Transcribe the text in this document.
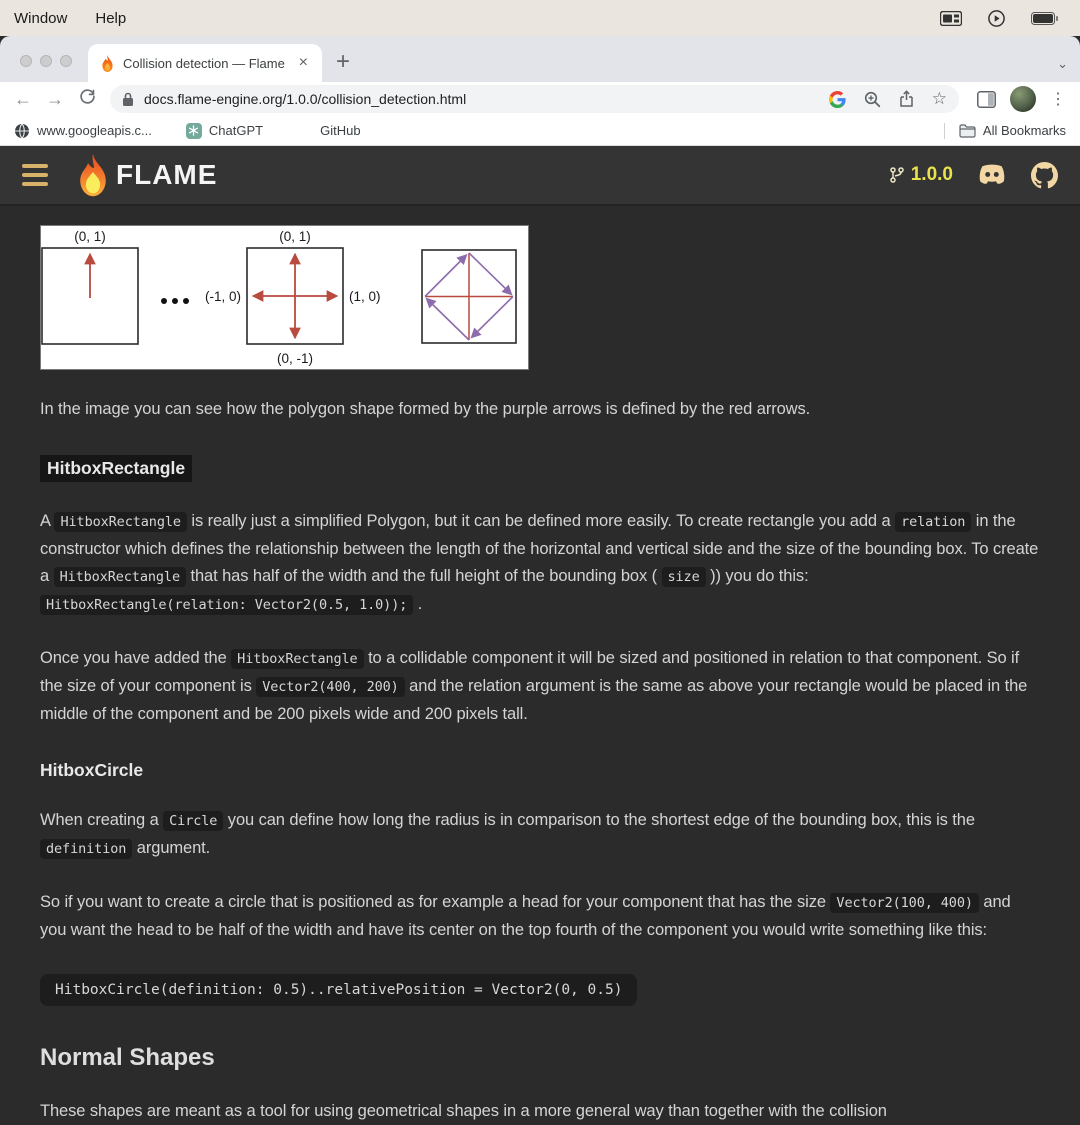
Window Help
Collision detection — Flame × +	⌄
← →	docs.flame-engine.org/1.0.0/collision_detection.html	☆	⋮
www.googleapis.c...	ChatGPT	GitHub	All Bookmarks
FLAME	1.0.0
(0, 1)	(0, 1)
(-1, 0)	(1, 0)
(0, -1)

In the image you can see how the polygon shape formed by the purple arrows is defined by the red arrows.

HitboxRectangle

A HitboxRectangle is really just a simplified Polygon, but it can be defined more easily. To create rectangle you add a relation in the constructor which defines the relationship between the length of the horizontal and vertical side and the size of the bounding box. To create a HitboxRectangle that has half of the width and the full height of the bounding box ( size )) you do this: HitboxRectangle(relation: Vector2(0.5, 1.0)); .

Once you have added the HitboxRectangle to a collidable component it will be sized and positioned in relation to that component. So if the size of your component is Vector2(400, 200) and the relation argument is the same as above your rectangle would be placed in the middle of the component and be 200 pixels wide and 200 pixels tall.

HitboxCircle

When creating a Circle you can define how long the radius is in comparison to the shortest edge of the bounding box, this is the definition argument.

So if you want to create a circle that is positioned as for example a head for your component that has the size Vector2(100, 400) and you want the head to be half of the width and have its center on the top fourth of the component you would write something like this:

HitboxCircle(definition: 0.5)..relativePosition = Vector2(0, 0.5)
Normal Shapes

These shapes are meant as a tool for using geometrical shapes in a more general way than together with the collision
